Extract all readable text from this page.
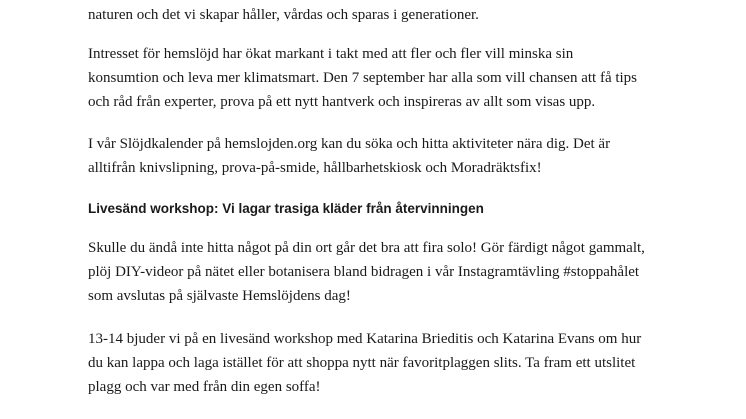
naturen och det vi skapar håller, vårdas och sparas i generationer.

Intresset för hemslöjd har ökat markant i takt med att fler och fler vill minska sin
konsumtion och leva mer klimatsmart. Den 7 september har alla som vill chansen att få tips
och råd från experter, prova på ett nytt hantverk och inspireras av allt som visas upp.

I vår Slöjdkalender på hemslojden.org kan du söka och hitta aktiviteter nära dig. Det är
alltifrån knivslipning, prova-på-smide, hållbarhetskiosk och Moradräktsfix!

Livesänd workshop: Vi lagar trasiga kläder från återvinningen

Skulle du ändå inte hitta något på din ort går det bra att fira solo! Gör färdigt något gammalt,
plöj DIY-videor på nätet eller botanisera bland bidragen i vår Instagramtävling #stoppahålet
som avslutas på självaste Hemslöjdens dag!

13-14 bjuder vi på en livesänd workshop med Katarina Brieditis och Katarina Evans om hur
du kan lappa och laga istället för att shoppa nytt när favoritplaggen slits. Ta fram ett utslitet
plagg och var med från din egen soffa!
